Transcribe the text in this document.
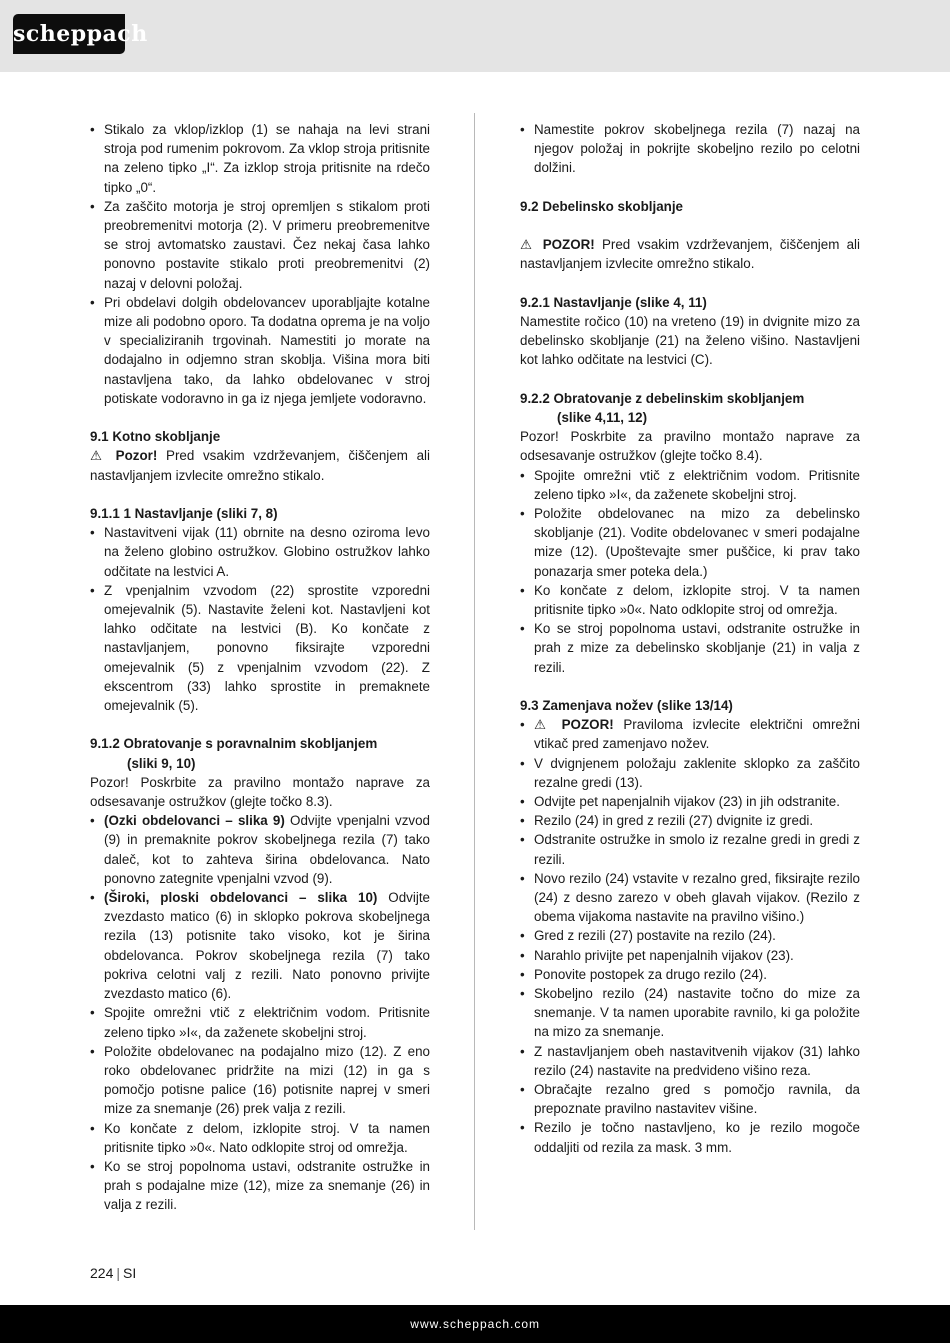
scheppach
• Stikalo za vklop/izklop (1) se nahaja na levi strani stroja pod rumenim pokrovom. Za vklop stroja pritisnite na zeleno tipko „I“. Za izklop stroja pritisnite na rdečo tipko „0“.
• Za zaščito motorja je stroj opremljen s stikalom proti preobremenitvi motorja (2). V primeru preobremenitve se stroj avtomatsko zaustavi. Čez nekaj časa lahko ponovno postavite stikalo proti preobremenitvi (2) nazaj v delovni položaj.
• Pri obdelavi dolgih obdelovancev uporabljajte kotalne mize ali podobno oporo. Ta dodatna oprema je na voljo v specializiranih trgovinah. Namestiti jo morate na dodajalno in odjemno stran skoblja. Višina mora biti nastavljena tako, da lahko obdelovanec v stroj potiskate vodoravno in ga iz njega jemljete vodoravno.

9.1 Kotno skobljanje

⚠ Pozor! Pred vsakim vzdrževanjem, čiščenjem ali nastavljanjem izvlecite omrežno stikalo.

9.1.1 1 Nastavljanje (sliki 7, 8)

• Nastavitveni vijak (11) obrnite na desno oziroma levo na želeno globino ostružkov. Globino ostružkov lahko odčitate na lestvici A.
• Z vpenjalnim vzvodom (22) sprostite vzporedni omejevalnik (5). Nastavite želeni kot. Nastavljeni kot lahko odčitate na lestvici (B). Ko končate z nastavljanjem, ponovno fiksirajte vzporedni omejevalnik (5) z vpenjalnim vzvodom (22). Z ekscentrom (33) lahko sprostite in premaknete omejevalnik (5).

9.1.2 Obratovanje s poravnalnim skobljanjem

(sliki 9, 10)

Pozor! Poskrbite za pravilno montažo naprave za odsesavanje ostružkov (glejte točko 8.3).

• (Ozki obdelovanci – slika 9) Odvijte vpenjalni vzvod (9) in premaknite pokrov skobeljnega rezila (7) tako daleč, kot to zahteva širina obdelovanca. Nato ponovno zategnite vpenjalni vzvod (9).
• (Široki, ploski obdelovanci – slika 10) Odvijte zvezdasto matico (6) in sklopko pokrova skobeljnega rezila (13) potisnite tako visoko, kot je širina obdelovanca. Pokrov skobeljnega rezila (7) tako pokriva celotni valj z rezili. Nato ponovno privijte zvezdasto matico (6).
• Spojite omrežni vtič z električnim vodom. Pritisnite zeleno tipko »I«, da zaženete skobeljni stroj.
• Položite obdelovanec na podajalno mizo (12). Z eno roko obdelovanec pridržite na mizi (12) in ga s pomočjo potisne palice (16) potisnite naprej v smeri mize za snemanje (26) prek valja z rezili.
• Ko končate z delom, izklopite stroj. V ta namen pritisnite tipko »0«. Nato odklopite stroj od omrežja.
• Ko se stroj popolnoma ustavi, odstranite ostružke in prah s podajalne mize (12), mize za snemanje (26) in valja z rezili.
• Namestite pokrov skobeljnega rezila (7) nazaj na njegov položaj in pokrijte skobeljno rezilo po celotni dolžini.

9.2 Debelinsko skobljanje

⚠ POZOR! Pred vsakim vzdrževanjem, čiščenjem ali nastavljanjem izvlecite omrežno stikalo.

9.2.1 Nastavljanje (slike 4, 11)

Namestite ročico (10) na vreteno (19) in dvignite mizo za debelinsko skobljanje (21) na želeno višino. Nastavljeni kot lahko odčitate na lestvici (C).

9.2.2 Obratovanje z debelinskim skobljanjem

(slike 4,11, 12)

Pozor! Poskrbite za pravilno montažo naprave za odsesavanje ostružkov (glejte točko 8.4).

• Spojite omrežni vtič z električnim vodom. Pritisnite zeleno tipko »I«, da zaženete skobeljni stroj.
• Položite obdelovanec na mizo za debelinsko skobljanje (21). Vodite obdelovanec v smeri podajalne mize (12). (Upoštevajte smer puščice, ki prav tako ponazarja smer poteka dela.)
• Ko končate z delom, izklopite stroj. V ta namen pritisnite tipko »0«. Nato odklopite stroj od omrežja.
• Ko se stroj popolnoma ustavi, odstranite ostružke in prah z mize za debelinsko skobljanje (21) in valja z rezili.

9.3 Zamenjava nožev (slike 13/14)

• ⚠ POZOR! Praviloma izvlecite električni omrežni vtikač pred zamenjavo nožev.
• V dvignjenem položaju zaklenite sklopko za zaščito rezalne gredi (13).
• Odvijte pet napenjalnih vijakov (23) in jih odstranite.
• Rezilo (24) in gred z rezili (27) dvignite iz gredi.
• Odstranite ostružke in smolo iz rezalne gredi in gredi z rezili.
• Novo rezilo (24) vstavite v rezalno gred, fiksirajte rezilo (24) z desno zarezo v obeh glavah vijakov. (Rezilo z obema vijakoma nastavite na pravilno višino.)
• Gred z rezili (27) postavite na rezilo (24).
• Narahlo privijte pet napenjalnih vijakov (23).
• Ponovite postopek za drugo rezilo (24).
• Skobeljno rezilo (24) nastavite točno do mize za snemanje. V ta namen uporabite ravnilo, ki ga položite na mizo za snemanje.
• Z nastavljanjem obeh nastavitvenih vijakov (31) lahko rezilo (24) nastavite na predvideno višino reza.
• Obračajte rezalno gred s pomočjo ravnila, da prepoznate pravilno nastavitev višine.
• Rezilo je točno nastavljeno, ko je rezilo mogoče oddaljiti od rezila za mask. 3 mm.
224 | SI
www.scheppach.com
